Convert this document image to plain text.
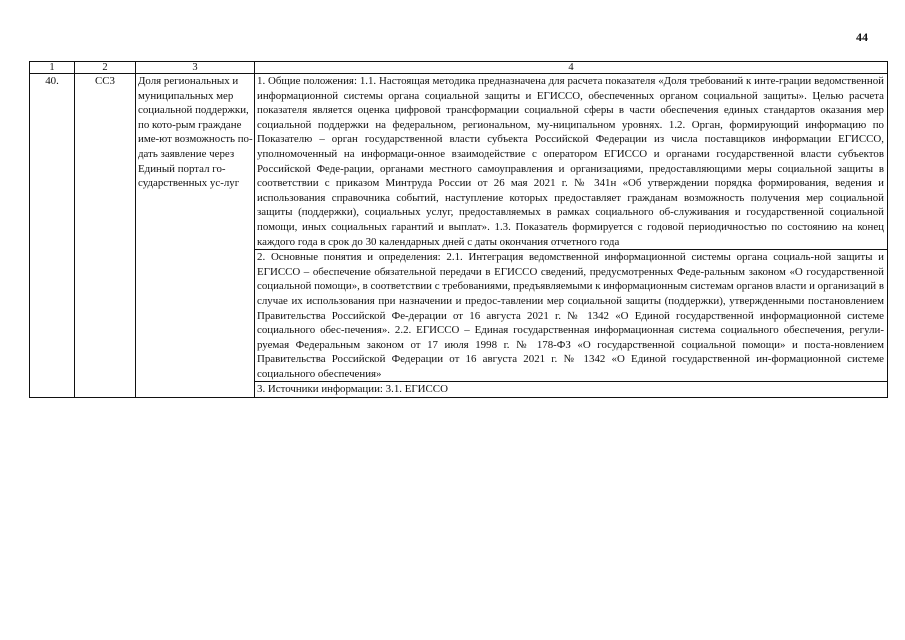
44
1	2	3	4
40.	СС3	Доля региональных и муниципальных мер социальной поддержки, по кото-рым граждане име-ют возможность по-дать заявление через Единый портал го-сударственных ус-луг	1. Общие положения: 1.1. Настоящая методика предназначена для расчета показателя «Доля требований к инте-грации ведомственной информационной системы органа социальной защиты и ЕГИССО, обеспеченных органом социальной защиты». Целью расчета показателя является оценка цифровой трансформации социальной сферы в части обеспечения единых стандартов оказания мер социальной поддержки на федеральном, региональном, му-ниципальном уровнях. 1.2. Орган, формирующий информацию по Показателю – орган государственной власти субъекта Российской Федерации из числа поставщиков информации ЕГИССО, уполномоченный на информаци-онное взаимодействие с оператором ЕГИССО и органами государственной власти субъектов Российской Феде-рации, органами местного самоуправления и организациями, предоставляющими меры социальной защиты в соответствии с приказом Минтруда России от 26 мая 2021 г. № 341н «Об утверждении порядка формирования, ведения и использования справочника событий, наступление которых предоставляет гражданам возможность получения мер социальной защиты (поддержки), социальных услуг, предоставляемых в рамках социального об-служивания и государственной социальной помощи, иных социальных гарантий и выплат». 1.3. Показатель формируется с годовой периодичностью по состоянию на конец каждого года в срок до 30 календарных дней с даты окончания отчетного года
			2. Основные понятия и определения: 2.1. Интеграция ведомственной информационной системы органа социаль-ной защиты и ЕГИССО – обеспечение обязательной передачи в ЕГИССО сведений, предусмотренных Феде-ральным законом «О государственной социальной помощи», в соответствии с требованиями, предъявляемыми к информационным системам органов власти и организаций в случае их использования при назначении и предос-тавлении мер социальной защиты (поддержки), утвержденными постановлением Правительства Российской Фе-дерации от 16 августа 2021 г. № 1342 «О Единой государственной информационной системе социального обес-печения». 2.2. ЕГИССО – Единая государственная информационная система социального обеспечения, регули-руемая Федеральным законом от 17 июля 1998 г. № 178-ФЗ «О государственной социальной помощи» и поста-новлением Правительства Российской Федерации от 16 августа 2021 г. № 1342 «О Единой государственной ин-формационной системе социального обеспечения»
			3. Источники информации: 3.1. ЕГИССО
